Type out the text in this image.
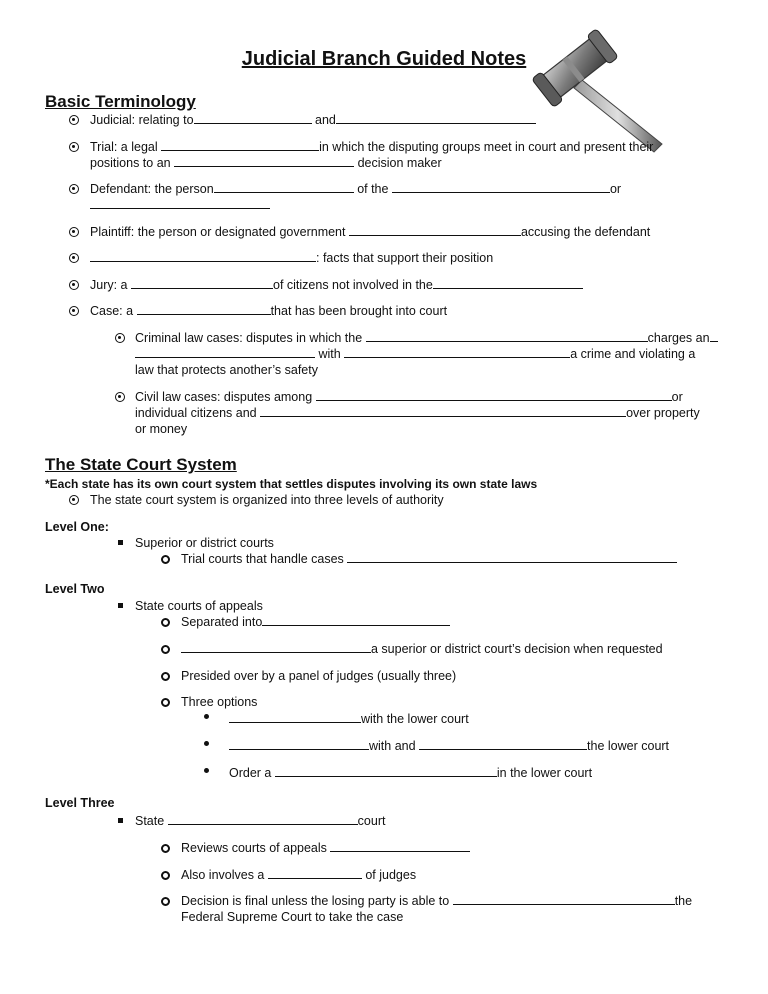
Judicial Branch Guided Notes
Basic Terminology
Judicial: relating to	and
Trial: a legal	in which the disputing groups meet in court and present their
positions to an	decision maker
Defendant: the person	of the	or
Plaintiff: the person or designated government	accusing the defendant
: facts that support their position
Jury: a	of citizens not involved in the
Case: a	that has been brought into court
Criminal law cases: disputes in which the	charges an
with	a crime and violating a
law that protects another’s safety
Civil law cases: disputes among	or
individual citizens and	over property
or money
The State Court System
*Each state has its own court system that settles disputes involving its own state laws
The state court system is organized into three levels of authority
Level One:
Superior or district courts
Trial courts that handle cases
Level Two
State courts of appeals
Separated into
a superior or district court’s decision when requested
Presided over by a panel of judges (usually three)
Three options
with the lower court
with and	the lower court
Order a	in the lower court
Level Three
State	court
Reviews courts of appeals
Also involves a	of judges
Decision is final unless the losing party is able to	the
Federal Supreme Court to take the case
